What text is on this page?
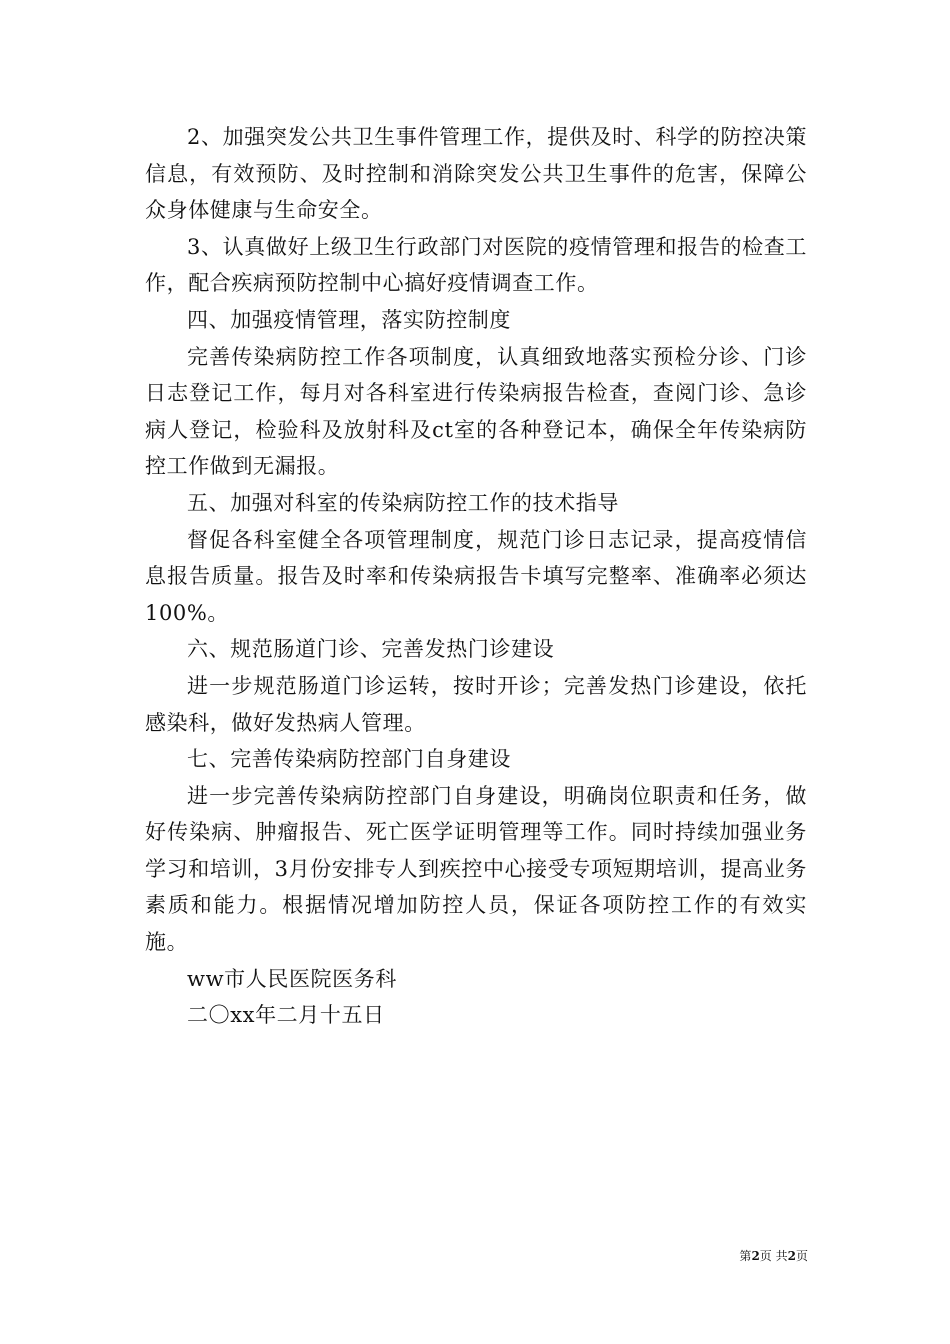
2、加强突发公共卫生事件管理工作，提供及时、科学的防控决策信息，有效预防、及时控制和消除突发公共卫生事件的危害，保障公众身体健康与生命安全。

3、认真做好上级卫生行政部门对医院的疫情管理和报告的检查工作，配合疾病预防控制中心搞好疫情调查工作。

四、加强疫情管理，落实防控制度

完善传染病防控工作各项制度，认真细致地落实预检分诊、门诊日志登记工作，每月对各科室进行传染病报告检查，查阅门诊、急诊病人登记，检验科及放射科及ct室的各种登记本，确保全年传染病防控工作做到无漏报。

五、加强对科室的传染病防控工作的技术指导

督促各科室健全各项管理制度，规范门诊日志记录，提高疫情信息报告质量。报告及时率和传染病报告卡填写完整率、准确率必须达100%。

六、规范肠道门诊、完善发热门诊建设

进一步规范肠道门诊运转，按时开诊；完善发热门诊建设，依托感染科，做好发热病人管理。

七、完善传染病防控部门自身建设

进一步完善传染病防控部门自身建设，明确岗位职责和任务，做好传染病、肿瘤报告、死亡医学证明管理等工作。同时持续加强业务学习和培训，3月份安排专人到疾控中心接受专项短期培训，提高业务素质和能力。根据情况增加防控人员，保证各项防控工作的有效实施。

ww市人民医院医务科

二〇xx年二月十五日

第2页 共2页
